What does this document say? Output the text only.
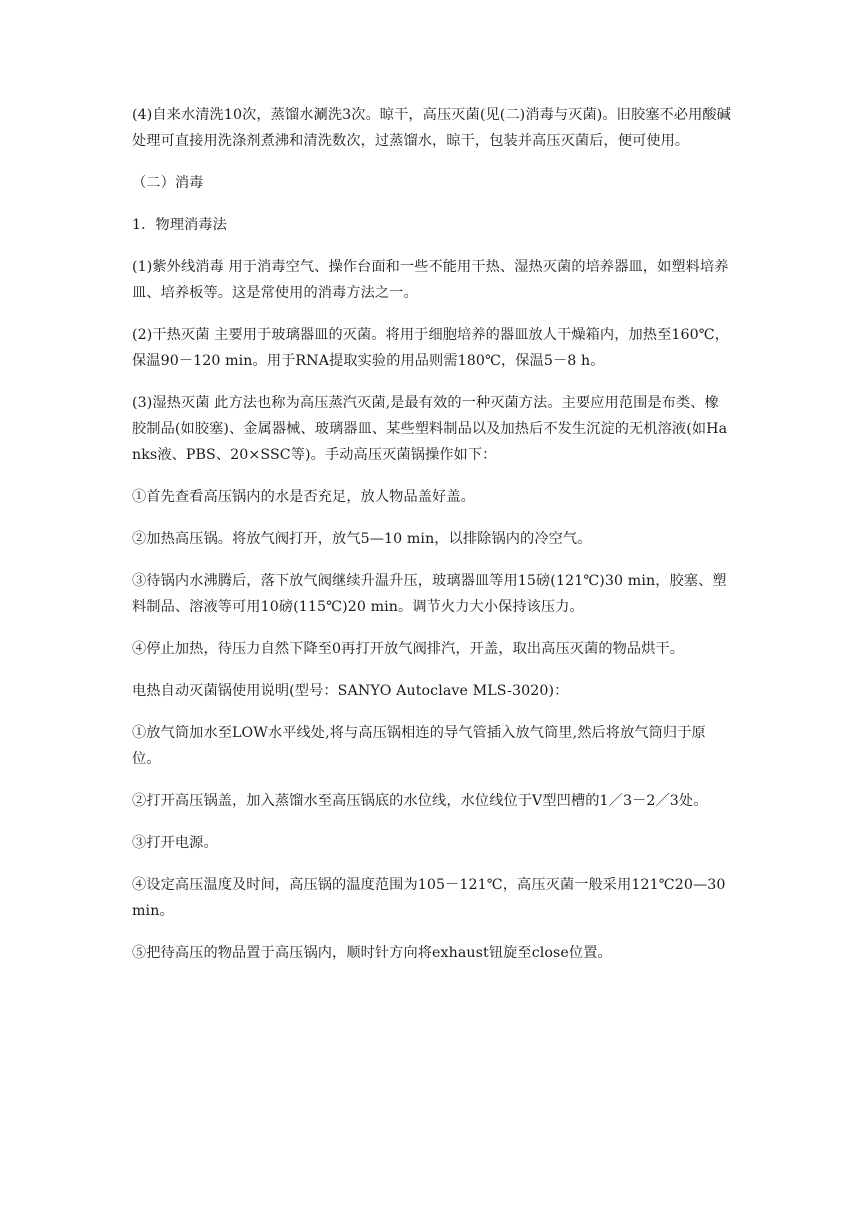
(4)自来水清洗10次，蒸馏水涮洗3次。晾干，高压灭菌(见(二)消毒与灭菌)。旧胶塞不必用酸碱处理可直接用洗涤剂煮沸和清洗数次，过蒸馏水，晾干，包装并高压灭菌后，便可使用。

（二）消毒

1．物理消毒法

(1)紫外线消毒 用于消毒空气、操作台面和一些不能用干热、湿热灭菌的培养器皿，如塑料培养皿、培养板等。这是常使用的消毒方法之一。

(2)干热灭菌 主要用于玻璃器皿的灭菌。将用于细胞培养的器皿放人干燥箱内，加热至160℃，保温90－120 min。用于RNA提取实验的用品则需180℃，保温5－8 h。

(3)湿热灭菌 此方法也称为高压蒸汽灭菌,是最有效的一种灭菌方法。主要应用范围是布类、橡胶制品(如胶塞)、金属器械、玻璃器皿、某些塑料制品以及加热后不发生沉淀的无机溶液(如Hanks液、PBS、20×SSC等)。手动高压灭菌锅操作如下：

①首先查看高压锅内的水是否充足，放人物品盖好盖。

②加热高压锅。将放气阀打开，放气5—10 min，以排除锅内的冷空气。

③待锅内水沸腾后，落下放气阀继续升温升压，玻璃器皿等用15磅(121℃)30 min，胶塞、塑料制品、溶液等可用10磅(115℃)20 min。调节火力大小保持该压力。

④停止加热，待压力自然下降至0再打开放气阀排汽，开盖，取出高压灭菌的物品烘干。

电热自动灭菌锅使用说明(型号：SANYO Autoclave MLS-3020)：

①放气筒加水至LOW水平线处,将与高压锅相连的导气管插入放气筒里,然后将放气筒归于原位。

②打开高压锅盖，加入蒸馏水至高压锅底的水位线，水位线位于V型凹槽的1／3－2／3处。

③打开电源。

④设定高压温度及时间，高压锅的温度范围为105－121℃，高压灭菌一般采用121℃20—30 min。

⑤把待高压的物品置于高压锅内，顺时针方向将exhaust钮旋至close位置。
